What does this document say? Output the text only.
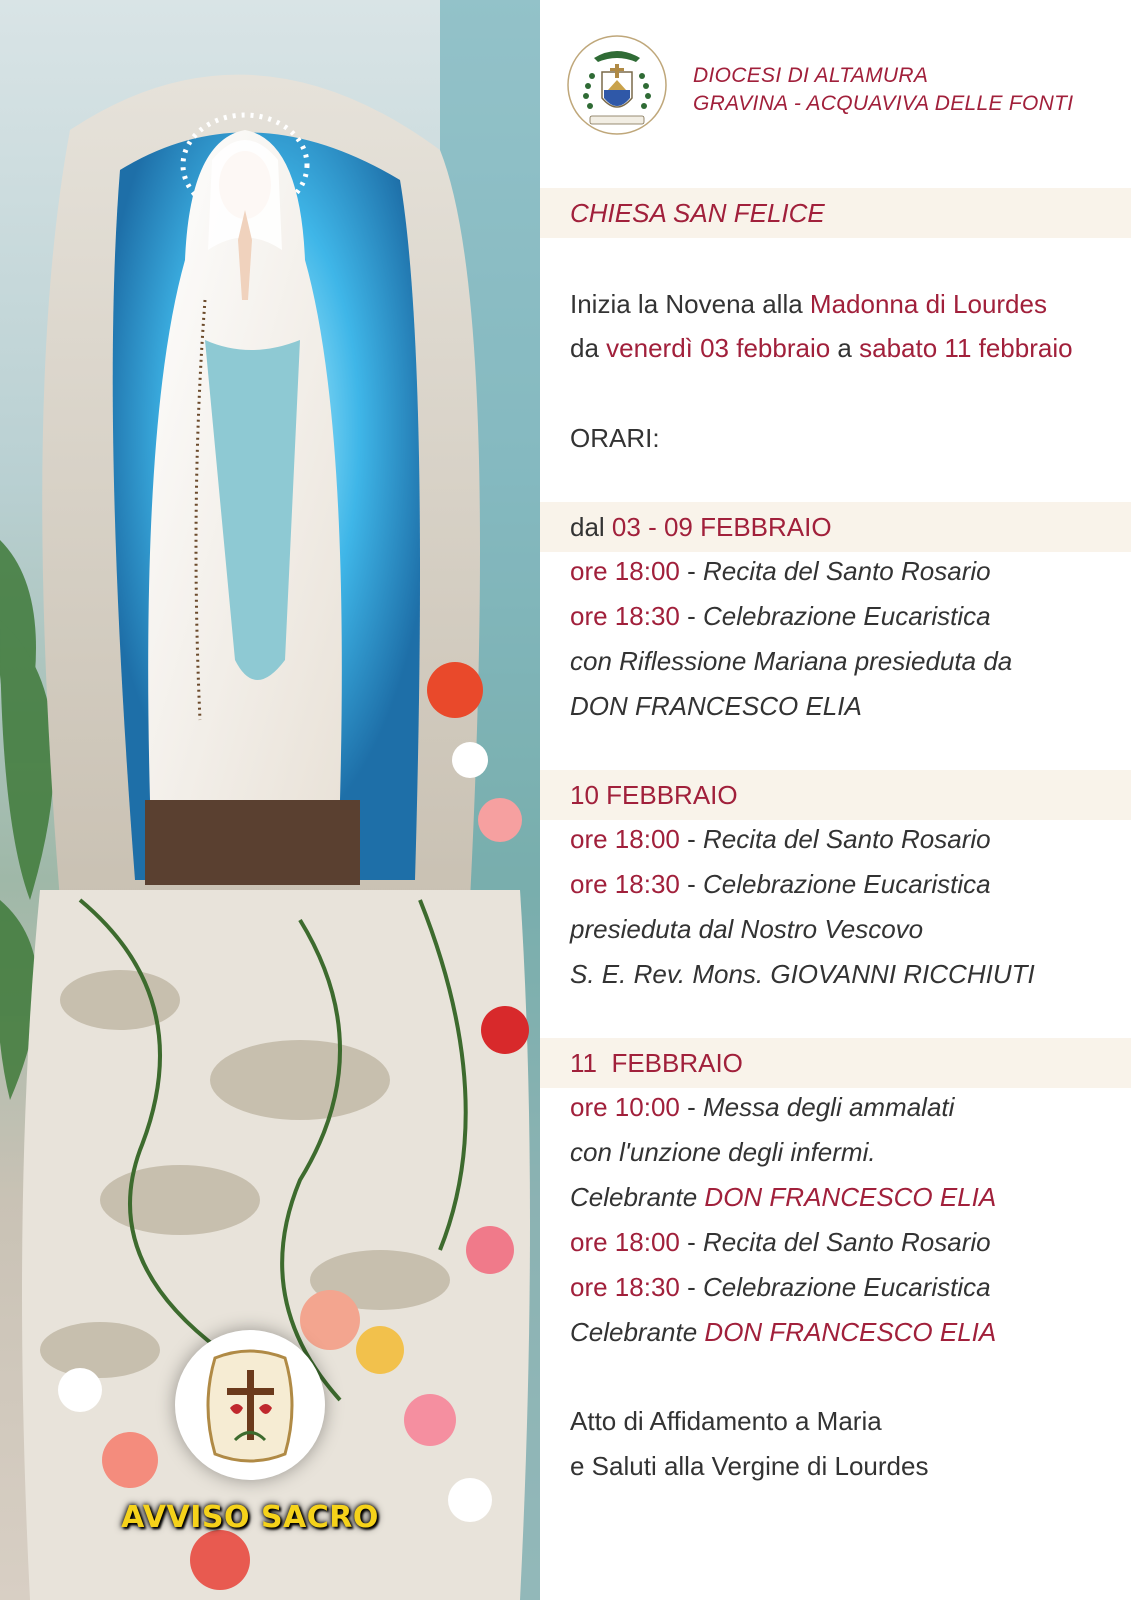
AVVISO SACRO
DIOCESI DI ALTAMURA
GRAVINA - ACQUAVIVA DELLE FONTI
CHIESA SAN FELICE
Inizia la Novena alla Madonna di Lourdes
da venerdì 03 febbraio a sabato 11 febbraio
ORARI:
dal 03 - 09 FEBBRAIO
ore 18:00 - Recita del Santo Rosario
ore 18:30 - Celebrazione Eucaristica
con Riflessione Mariana presieduta da
DON FRANCESCO ELIA
10 FEBBRAIO
ore 18:00 - Recita del Santo Rosario
ore 18:30 - Celebrazione Eucaristica
presieduta dal Nostro Vescovo
S. E. Rev. Mons. GIOVANNI RICCHIUTI
11  FEBBRAIO
ore 10:00 - Messa degli ammalati
con l'unzione degli infermi.
Celebrante DON FRANCESCO ELIA
ore 18:00 - Recita del Santo Rosario
ore 18:30 - Celebrazione Eucaristica
Celebrante DON FRANCESCO ELIA
Atto di Affidamento a Maria
e Saluti alla Vergine di Lourdes
